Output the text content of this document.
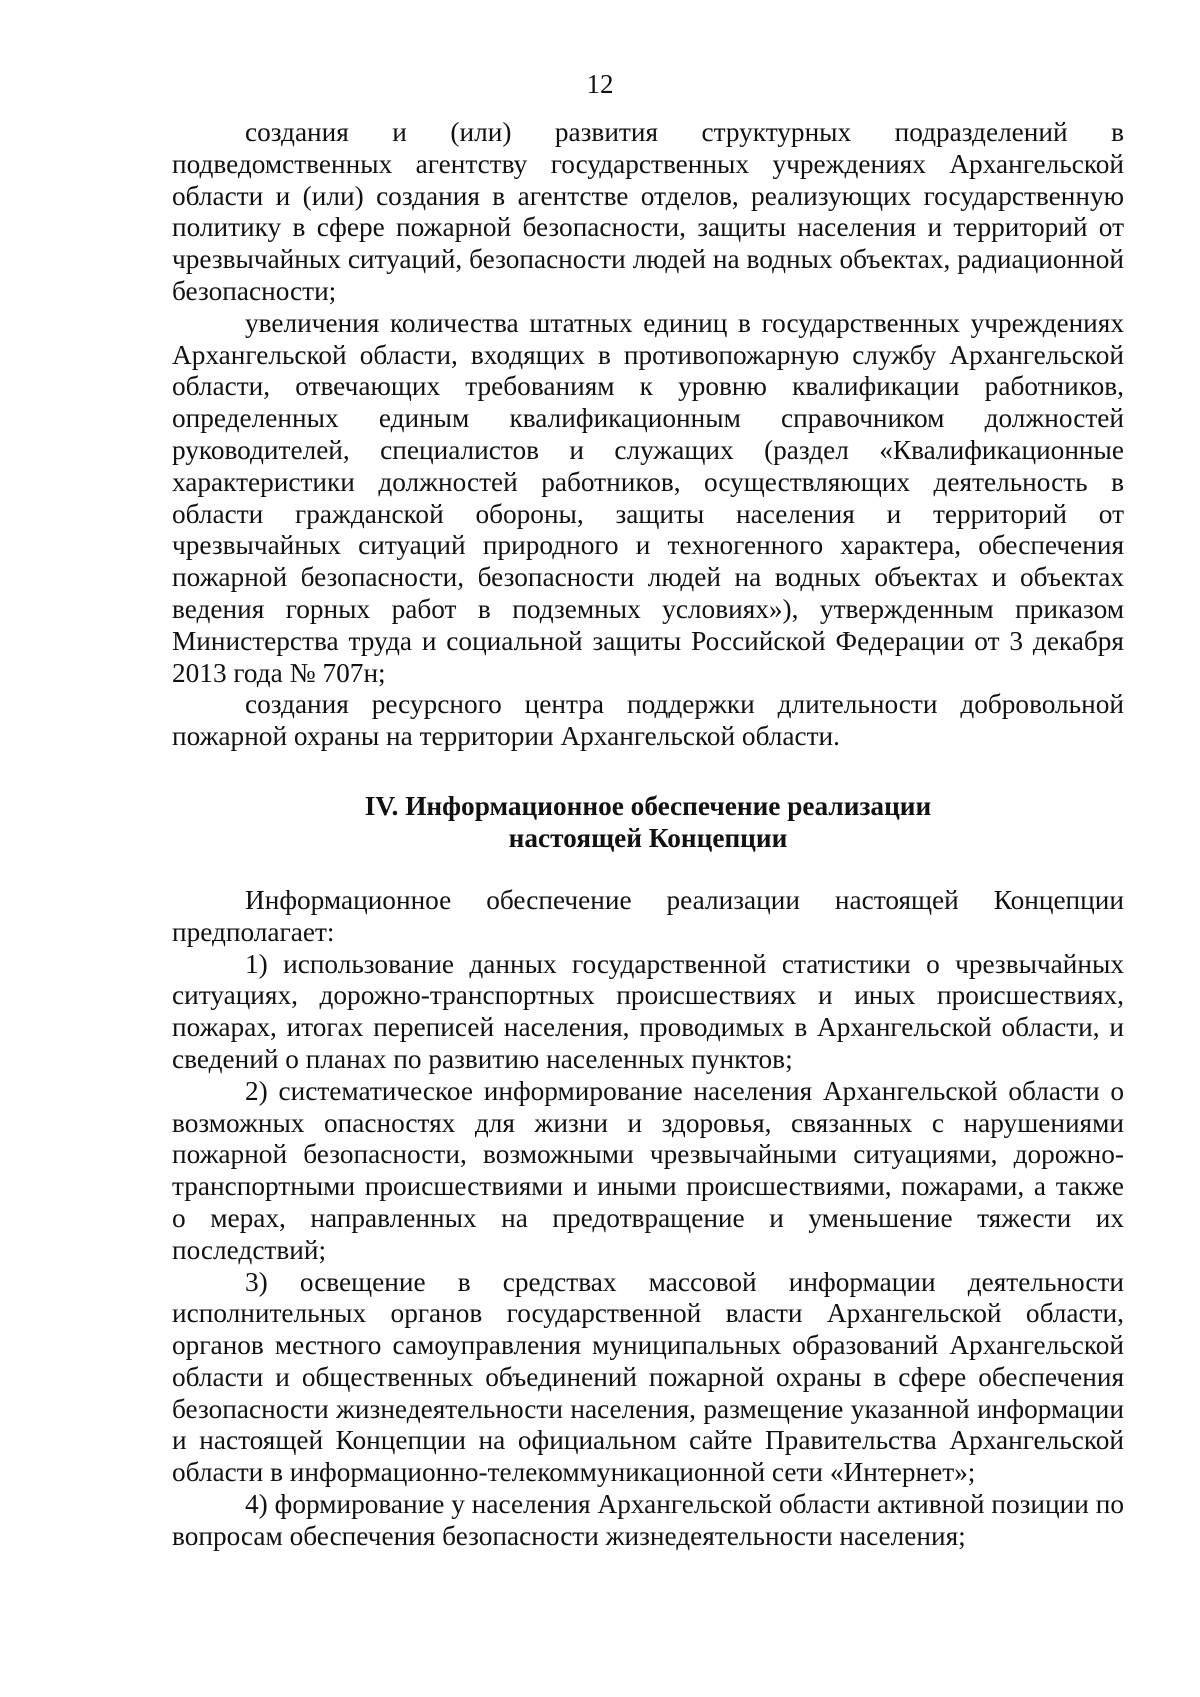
12

создания и (или) развития структурных подразделений в подведомственных агентству государственных учреждениях Архангельской области и (или) создания в агентстве отделов, реализующих государственную политику в сфере пожарной безопасности, защиты населения и территорий от чрезвычайных ситуаций, безопасности людей на водных объектах, радиационной безопасности;

увеличения количества штатных единиц в государственных учреждениях Архангельской области, входящих в противопожарную службу Архангельской области, отвечающих требованиям к уровню квалификации работников, определенных единым квалификационным справочником должностей руководителей, специалистов и служащих (раздел «Квалификационные характеристики должностей работников, осуществляющих деятельность в области гражданской обороны, защиты населения и территорий от чрезвычайных ситуаций природного и техногенного характера, обеспечения пожарной безопасности, безопасности людей на водных объектах и объектах ведения горных работ в подземных условиях»), утвержденным приказом Министерства труда и социальной защиты Российской Федерации от 3 декабря 2013 года № 707н;

создания ресурсного центра поддержки длительности добровольной пожарной охраны на территории Архангельской области.

IV. Информационное обеспечение реализации

настоящей Концепции

Информационное обеспечение реализации настоящей Концепции предполагает:

1) использование данных государственной статистики о чрезвычайных ситуациях, дорожно-транспортных происшествиях и иных происшествиях, пожарах, итогах переписей населения, проводимых в Архангельской области, и сведений о планах по развитию населенных пунктов;

2) систематическое информирование населения Архангельской области о возможных опасностях для жизни и здоровья, связанных с нарушениями пожарной безопасности, возможными чрезвычайными ситуациями, дорожно-транспортными происшествиями и иными происшествиями, пожарами, а также о мерах, направленных на предотвращение и уменьшение тяжести их последствий;

3) освещение в средствах массовой информации деятельности исполнительных органов государственной власти Архангельской области, органов местного самоуправления муниципальных образований Архангельской области и общественных объединений пожарной охраны в сфере обеспечения безопасности жизнедеятельности населения, размещение указанной информации и настоящей Концепции на официальном сайте Правительства Архангельской области в информационно-телекоммуникационной сети «Интернет»;

4) формирование у населения Архангельской области активной позиции по вопросам обеспечения безопасности жизнедеятельности населения;
